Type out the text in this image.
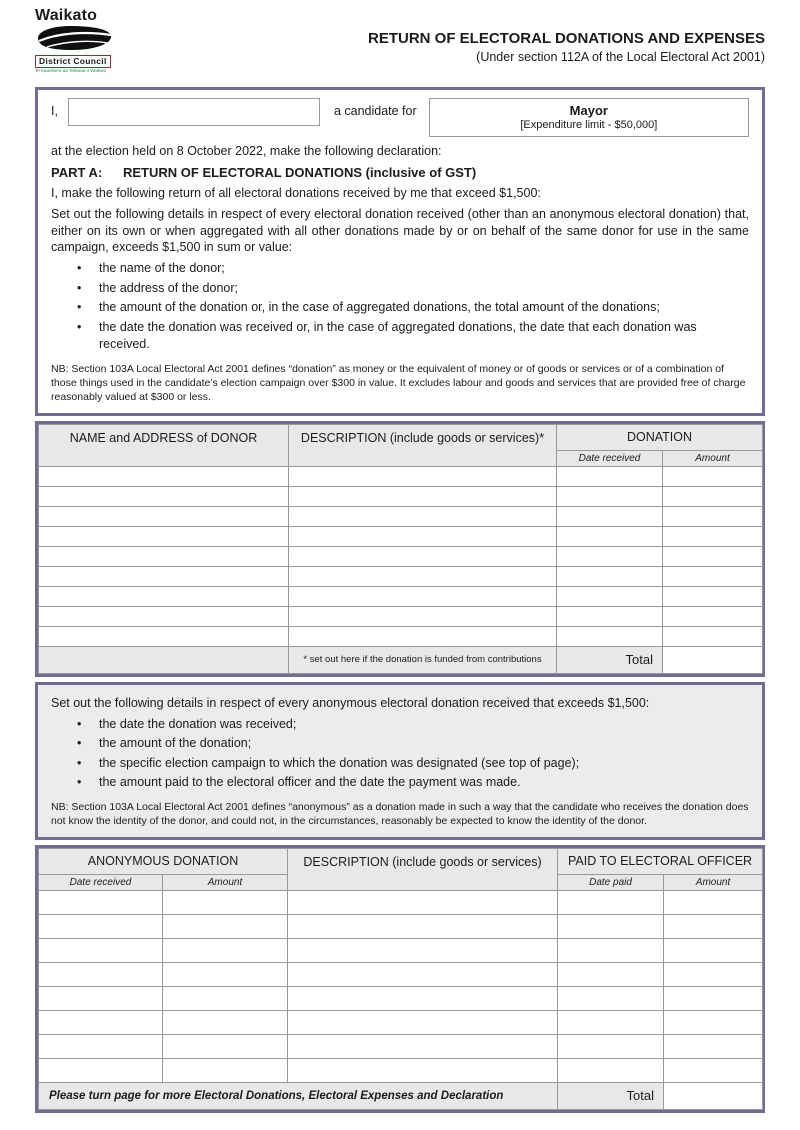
Waikato
District Council
Te Kaunihera aa Takiwaa o Waikato
RETURN OF ELECTORAL DONATIONS AND EXPENSES
(Under section 112A of the Local Electoral Act 2001)
I,	a candidate for	Mayor
[Expenditure limit - $50,000]

at the election held on 8 October 2022, make the following declaration:

PART A: RETURN OF ELECTORAL DONATIONS (inclusive of GST)

I, make the following return of all electoral donations received by me that exceed $1,500:

Set out the following details in respect of every electoral donation received (other than an anonymous electoral donation) that, either on its own or when aggregated with all other donations made by or on behalf of the same donor for use in the same campaign, exceeds $1,500 in sum or value:

• the name of the donor;
• the address of the donor;
• the amount of the donation or, in the case of aggregated donations, the total amount of the donations;
• the date the donation was received or, in the case of aggregated donations, the date that each donation was received.

NB: Section 103A Local Electoral Act 2001 defines “donation” as money or the equivalent of money or of goods or services or of a combination of those things used in the candidate’s election campaign over $300 in value. It excludes labour and goods and services that are provided free of charge reasonably valued at $300 or less.

NAME and ADDRESS of DONOR	DESCRIPTION (include goods or services)*	DONATION	
		Date received	Amount

	* set out here if the donation is funded from contributions	Total	

Set out the following details in respect of every anonymous electoral donation received that exceeds $1,500:

• the date the donation was received;
• the amount of the donation;
• the specific election campaign to which the donation was designated (see top of page);
• the amount paid to the electoral officer and the date the payment was made.

NB: Section 103A Local Electoral Act 2001 defines “anonymous” as a donation made in such a way that the candidate who receives the donation does not know the identity of the donor, and could not, in the circumstances, reasonably be expected to know the identity of the donor.

ANONYMOUS DONATION		DESCRIPTION (include goods or services)	PAID TO ELECTORAL OFFICER	
Date received	Amount		Date paid	Amount

Please turn page for more Electoral Donations, Electoral Expenses and Declaration			Total	
